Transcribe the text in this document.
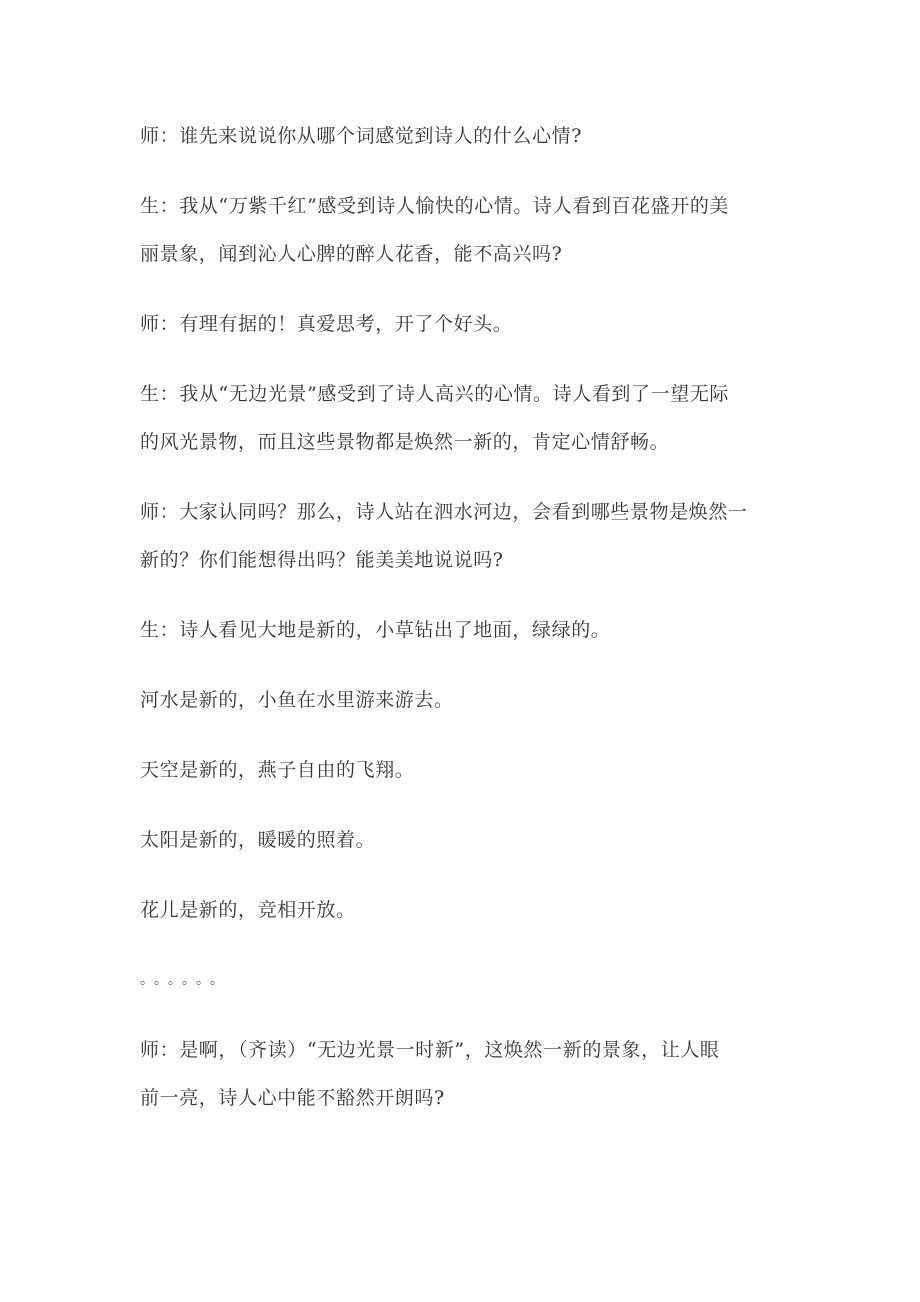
师：谁先来说说你从哪个词感觉到诗人的什么心情?
生：我从“万紫千红”感受到诗人愉快的心情。诗人看到百花盛开的美
丽景象，闻到沁人心脾的醉人花香，能不高兴吗?
师：有理有据的！真爱思考，开了个好头。
生：我从“无边光景”感受到了诗人高兴的心情。诗人看到了一望无际
的风光景物，而且这些景物都是焕然一新的，肯定心情舒畅。
师：大家认同吗？那么，诗人站在泗水河边，会看到哪些景物是焕然一
新的？你们能想得出吗？能美美地说说吗?
生：诗人看见大地是新的，小草钻出了地面，绿绿的。
河水是新的，小鱼在水里游来游去。
天空是新的，燕子自由的飞翔。
太阳是新的，暖暖的照着。
花儿是新的，竞相开放。
。。。。。。
师：是啊，（齐读）“无边光景一时新”，这焕然一新的景象，让人眼
前一亮，诗人心中能不豁然开朗吗?
